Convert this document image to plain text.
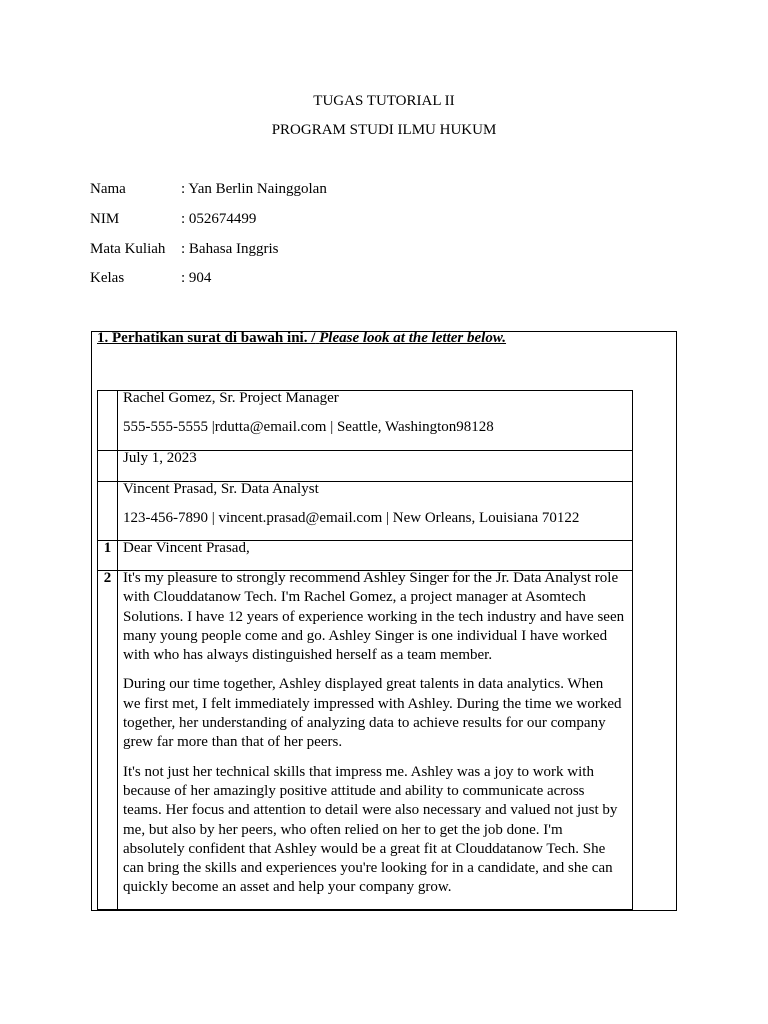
TUGAS TUTORIAL II
PROGRAM STUDI ILMU HUKUM
Nama	: Yan Berlin Nainggolan
NIM	: 052674499
Mata Kuliah : Bahasa Inggris
Kelas	: 904
1. Perhatikan surat di bawah ini. / Please look at the letter below.
Rachel Gomez, Sr. Project Manager
555-555-5555 |rdutta@email.com | Seattle, Washington98128
July 1, 2023
Vincent Prasad, Sr. Data Analyst
123-456-7890 | vincent.prasad@email.com | New Orleans, Louisiana 70122
1 Dear Vincent Prasad,
2 It's my pleasure to strongly recommend Ashley Singer for the Jr. Data Analyst role
with Clouddatanow Tech. I'm Rachel Gomez, a project manager at Asomtech
Solutions. I have 12 years of experience working in the tech industry and have seen
many young people come and go. Ashley Singer is one individual I have worked
with who has always distinguished herself as a team member.
During our time together, Ashley displayed great talents in data analytics. When
we first met, I felt immediately impressed with Ashley. During the time we worked
together, her understanding of analyzing data to achieve results for our company
grew far more than that of her peers.
It's not just her technical skills that impress me. Ashley was a joy to work with
because of her amazingly positive attitude and ability to communicate across
teams. Her focus and attention to detail were also necessary and valued not just by
me, but also by her peers, who often relied on her to get the job done. I'm
absolutely confident that Ashley would be a great fit at Clouddatanow Tech. She
can bring the skills and experiences you're looking for in a candidate, and she can
quickly become an asset and help your company grow.
